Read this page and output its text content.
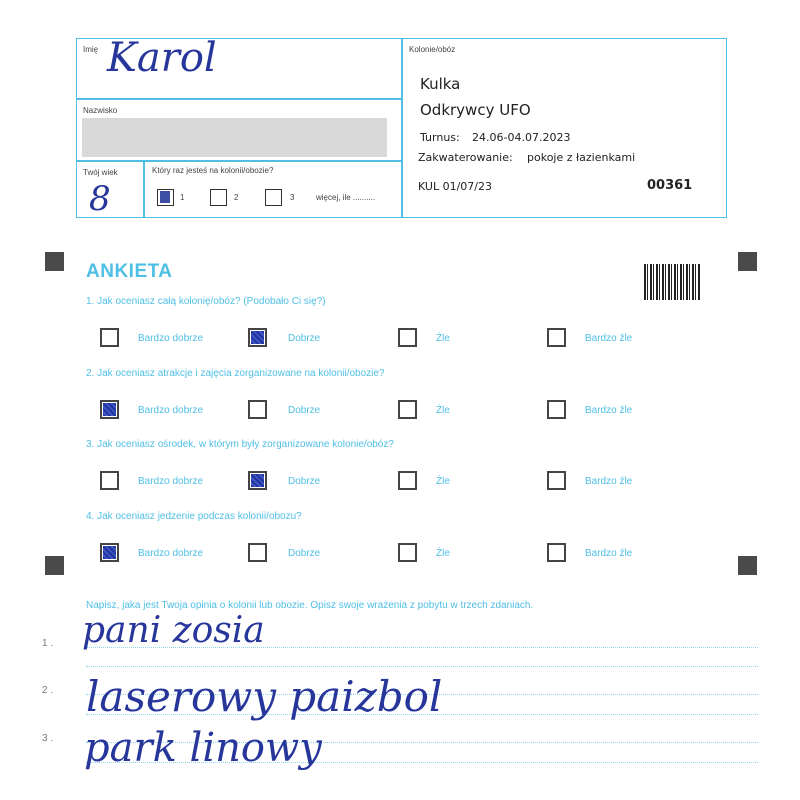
Imię Karol
Nazwisko
Twój wiek
8
Który raz jesteś na kolonii/obozie?
1	2	3	więcej, ile ..........
Kolonie/obóz
Kulka
Odkrywcy UFO
Turnus: 24.06-04.07.2023
Zakwaterowanie: pokoje z łazienkami
KUL 01/07/23	00361
ANKIETA
1. Jak oceniasz całą kolonię/obóz? (Podobało Ci się?)
Bardzo dobrze	Dobrze	Źle	Bardzo źle
2. Jak oceniasz atrakcje i zajęcia zorganizowane na kolonii/obozie?
Bardzo dobrze	Dobrze	Źle	Bardzo źle
3. Jak oceniasz ośrodek, w którym były zorganizowane kolonie/obóz?
Bardzo dobrze	Dobrze	Źle	Bardzo źle
4. Jak oceniasz jedzenie podczas kolonii/obozu?
Bardzo dobrze	Dobrze	Źle	Bardzo źle
Napisz, jaka jest Twoja opinia o kolonii lub obozie. Opisz swoje wrażenia z pobytu w trzech zdaniach.
1 . pani zosia
2 . laserowy paizbol
3 . park linowy
